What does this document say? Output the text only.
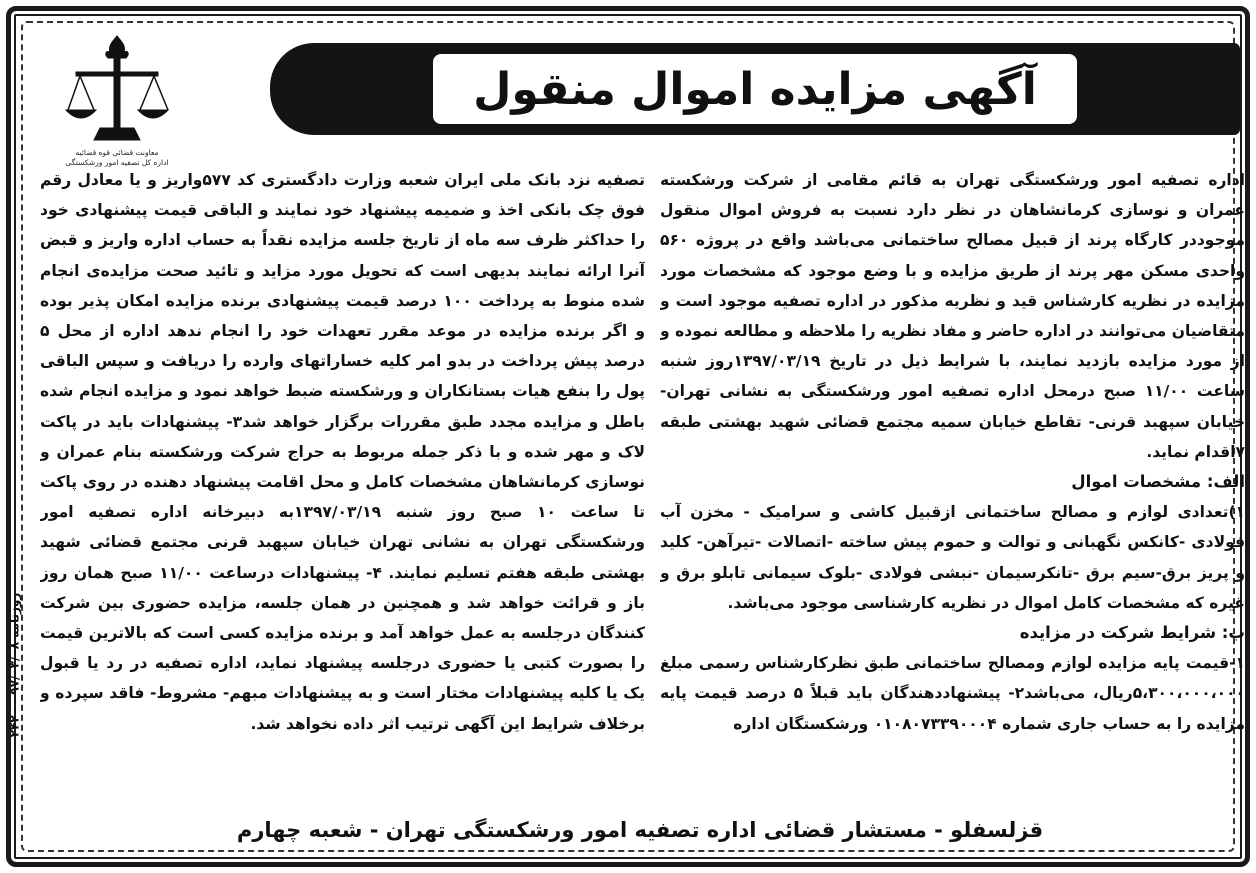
معاونت قضائی قوه قضائیه
اداره کل تصفیه امور ورشکستگی
آگهی مزایده اموال منقول

اداره تصفیه امور ورشکستگی تهران به قائم مقامی از شرکت ورشکسته عمران و نوسازی کرمانشاهان در نظر دارد نسبت به فروش اموال منقول موجوددر کارگاه پرند از قبیل مصالح ساختمانی می‌باشد واقع در پروژه ۵۶۰ واحدی مسکن مهر پرند از طریق مزایده و با وضع موجود که مشخصات مورد مزایده در نظریه کارشناس قید و نظریه مذکور در اداره تصفیه موجود است و متقاضیان می‌توانند در اداره حاضر و مفاد نظریه را ملاحظه و مطالعه نموده و از مورد مزایده بازدید نمایند، با شرایط ذیل در تاریخ ۱۳۹۷/۰۳/۱۹روز شنبه ساعت ۱۱/۰۰ صبح درمحل اداره تصفیه امور ورشکستگی به نشانی تهران- خیابان سپهبد قرنی- تقاطع خیابان سمیه مجتمع قضائی شهید بهشتی طبقه ۷اقدام نماید.

الف: مشخصات اموال

۱)تعدادی لوازم و مصالح ساختمانی ازقبیل کاشی و سرامیک - مخزن آب فولادی -کانکس نگهبانی و توالت و حموم پیش ساخته -اتصالات -تیرآهن- کلید و پریز برق-سیم برق -تانکرسیمان -نبشی فولادی -بلوک سیمانی تابلو برق و غیره که مشخصات کامل اموال در نظریه کارشناسی موجود می‌باشد.

ب: شرایط شرکت در مزایده

۱-قیمت پایه مزایده لوازم ومصالح ساختمانی طبق نظرکارشناس رسمی مبلغ ۵،۳۰۰،۰۰۰،۰۰۰ریال، می‌باشد۲- پیشنهاددهندگان باید قبلاً ۵ درصد قیمت پایه مزایده را به حساب جاری شماره ۰۱۰۸۰۷۳۳۹۰۰۰۴ ورشکستگان اداره

تصفیه نزد بانک ملی ایران شعبه وزارت دادگستری کد ۵۷۷واریز و یا معادل رقم فوق چک بانکی اخذ و ضمیمه پیشنهاد خود نمایند و الباقی قیمت پیشنهادی خود را حداکثر ظرف سه ماه از تاریخ جلسه مزایده نقداً به حساب اداره واریز و قبض آنرا ارائه نمایند بدیهی است که تحویل مورد مزاید و تائید صحت مزایده‌ی انجام شده منوط به پرداخت ۱۰۰ درصد قیمت پیشنهادی برنده مزایده امکان پذیر بوده و اگر برنده مزایده در موعد مقرر تعهدات خود را انجام ندهد اداره از محل ۵ درصد پیش پرداخت در بدو امر کلیه خساراتهای وارده را دریافت و سپس الباقی پول را بنفع هیات بستانکاران و ورشکسته ضبط خواهد نمود و مزایده انجام شده باطل و مزایده مجدد طبق مقررات برگزار خواهد شد۳- پیشنهادات باید در پاکت لاک و مهر شده و با ذکر جمله مربوط به حراج شرکت ورشکسته بنام عمران و نوسازی کرمانشاهان مشخصات کامل و محل اقامت پیشنهاد دهنده در روی پاکت تا ساعت ۱۰ صبح روز شنبه ۱۳۹۷/۰۳/۱۹به دبیرخانه اداره تصفیه امور ورشکستگی تهران به نشانی تهران خیابان سپهبد قرنی مجتمع قضائی شهید بهشتی طبقه هفتم تسلیم نمایند. ۴- پیشنهادات درساعت ۱۱/۰۰ صبح همان روز باز و قرائت خواهد شد و همچنین در همان جلسه، مزایده حضوری بین شرکت کنندگان درجلسه به عمل خواهد آمد و برنده مزایده کسی است که بالاترین قیمت را بصورت کتبی یا حضوری درجلسه پیشنهاد نماید، اداره تصفیه در رد یا قبول یک یا کلیه پیشنهادات مختار است و به پیشنهادات مبهم- مشروط- فاقد سپرده و برخلاف شرایط این آگهی ترتیب اثر داده نخواهد شد.

قزلسفلو - مستشار قضائی اداره تصفیه امور ورشکستگی تهران - شعبه چهارم
روزنامه ۹۷/۰۳/۰۸ - ۲۴۲۰
